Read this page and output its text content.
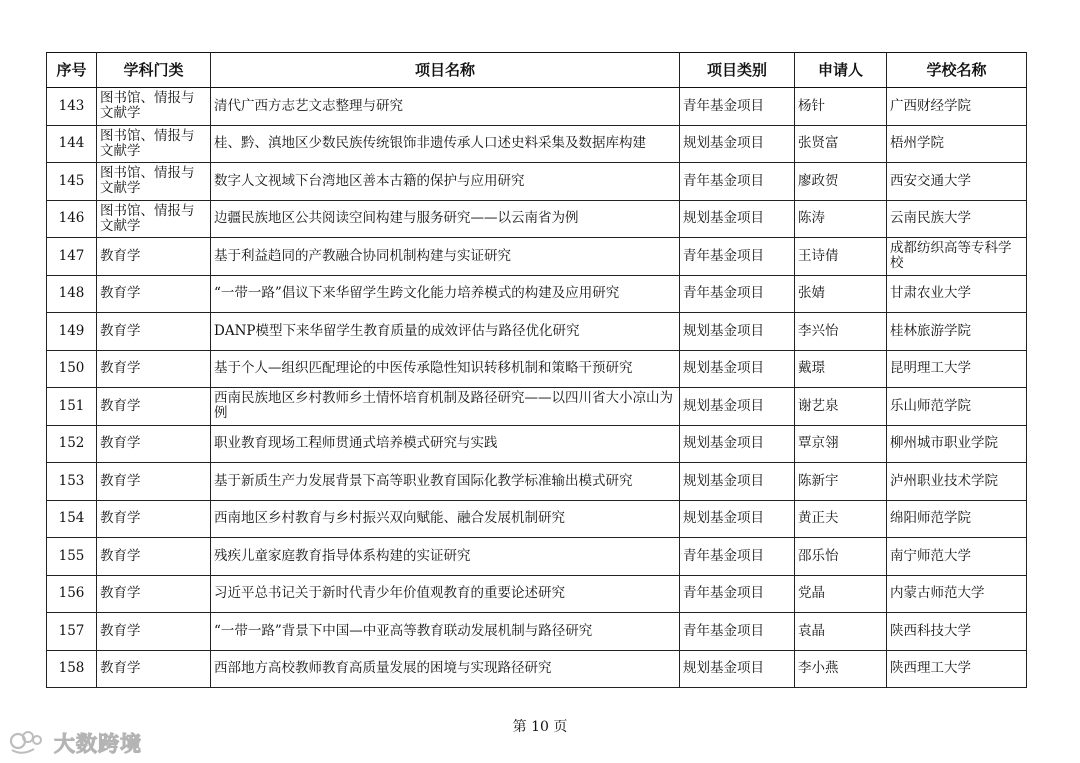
序号	学科门类	项目名称	项目类别	申请人	学校名称
143	图书馆、情报与文献学	清代广西方志艺文志整理与研究	青年基金项目	杨针	广西财经学院
144	图书馆、情报与文献学	桂、黔、滇地区少数民族传统银饰非遗传承人口述史料采集及数据库构建	规划基金项目	张贤富	梧州学院
145	图书馆、情报与文献学	数字人文视域下台湾地区善本古籍的保护与应用研究	青年基金项目	廖政贺	西安交通大学
146	图书馆、情报与文献学	边疆民族地区公共阅读空间构建与服务研究——以云南省为例	规划基金项目	陈涛	云南民族大学
147	教育学	基于利益趋同的产教融合协同机制构建与实证研究	青年基金项目	王诗倩	成都纺织高等专科学校
148	教育学	“一带一路”倡议下来华留学生跨文化能力培养模式的构建及应用研究	青年基金项目	张婧	甘肃农业大学
149	教育学	DANP模型下来华留学生教育质量的成效评估与路径优化研究	规划基金项目	李兴怡	桂林旅游学院
150	教育学	基于个人—组织匹配理论的中医传承隐性知识转移机制和策略干预研究	规划基金项目	戴璟	昆明理工大学
151	教育学	西南民族地区乡村教师乡土情怀培育机制及路径研究——以四川省大小凉山为例	规划基金项目	谢艺泉	乐山师范学院
152	教育学	职业教育现场工程师贯通式培养模式研究与实践	规划基金项目	覃京翎	柳州城市职业学院
153	教育学	基于新质生产力发展背景下高等职业教育国际化教学标准输出模式研究	规划基金项目	陈新宇	泸州职业技术学院
154	教育学	西南地区乡村教育与乡村振兴双向赋能、融合发展机制研究	规划基金项目	黄正夫	绵阳师范学院
155	教育学	残疾儿童家庭教育指导体系构建的实证研究	青年基金项目	邵乐怡	南宁师范大学
156	教育学	习近平总书记关于新时代青少年价值观教育的重要论述研究	青年基金项目	党晶	内蒙古师范大学
157	教育学	“一带一路”背景下中国—中亚高等教育联动发展机制与路径研究	青年基金项目	袁晶	陕西科技大学
158	教育学	西部地方高校教师教育高质量发展的困境与实现路径研究	规划基金项目	李小燕	陕西理工大学
第 10 页
大数跨境
